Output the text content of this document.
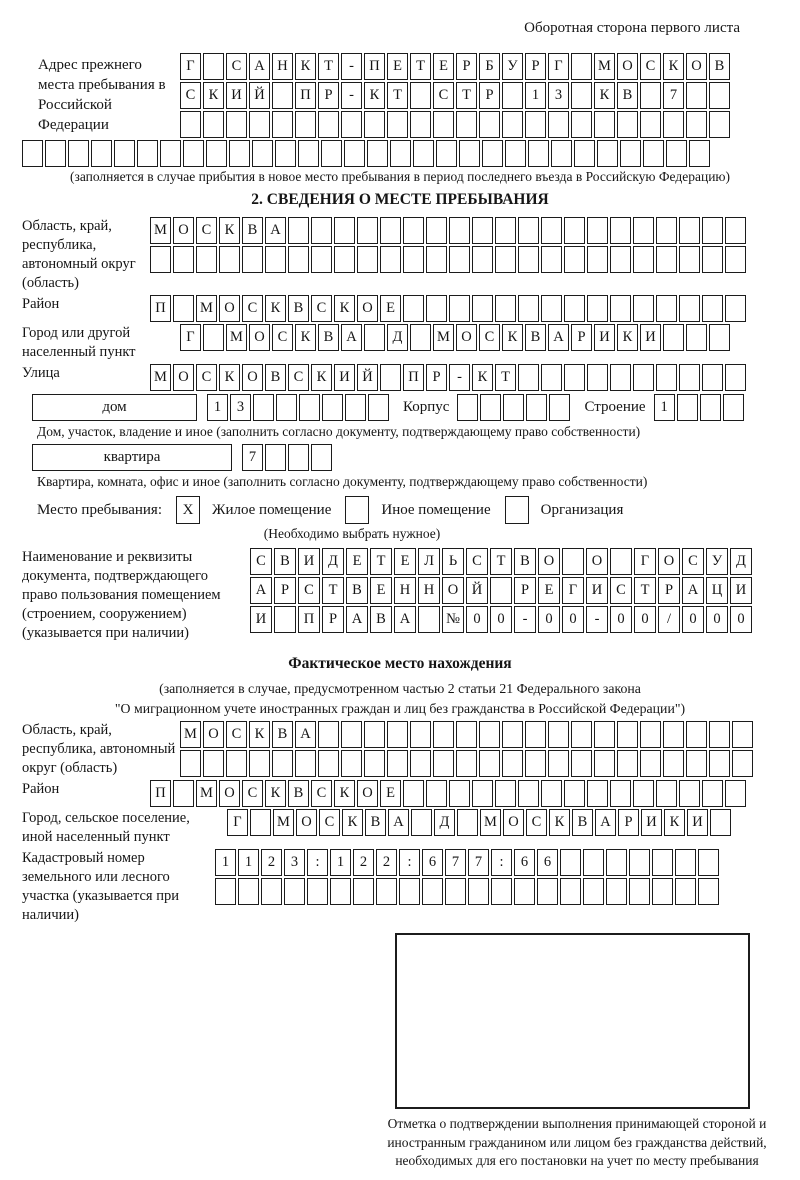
Оборотная сторона первого листа
Адрес прежнего места пребывания в Российской Федерации
Г	С А Н К Т	-	П Е Т Е	Р	Б У Р	Г	М О С К О В
С К И Й	П Р	-	К Т	С Т	Р	1	3	К В	7
(заполняется в случае прибытия в новое место пребывания в период последнего въезда в Российскую Федерацию)
2. СВЕДЕНИЯ О МЕСТЕ ПРЕБЫВАНИЯ
Область, край, республика, автономный округ (область)
М О С К В А
Район	П	М О С К В С К О Е
Город или другой населенный пункт
Г	М О С К В А	Д	М О С К В А Р И К И
Улица	М О С К О В С К И Й	П Р	-	К Т
дом	1	3	Корпус	Строение	1
Дом, участок, владение и иное (заполнить согласно документу, подтверждающему право собственности)
квартира	7
Квартира, комната, офис и иное (заполнить согласно документу, подтверждающему право собственности)
Место пребывания:	X	Жилое помещение	Иное помещение	Организация
(Необходимо выбрать нужное)
Наименование и реквизиты документа, подтверждающего право пользования помещением (строением, сооружением) (указывается при наличии)
С В И Д	Е	Т	Е	Л	Ь	С	Т	В О	О	Г	О С У Д
А	Р	С	Т	В	Е Н Н О Й	Р	Е	Г	И С	Т	Р	А Ц И
И	П	Р	А В А	№ 0	0	-	0	0	-	0	0	/	0	0	0
Фактическое место нахождения
(заполняется в случае, предусмотренном частью 2 статьи 21 Федерального закона
"О миграционном учете иностранных граждан и лиц без гражданства в Российской Федерации")
Область, край, республика, автономный округ (область)
М О С К В А
Район	П	М О С К В С К О Е
Город, сельское поселение, иной населенный пункт
Г	М О С К В А	Д	М О С К В А Р И К И
Кадастровый номер земельного или лесного участка (указывается при наличии)
1	1	2	3	:	1	2	2	:	6	7	7	:	6	6
Отметка о подтверждении выполнения принимающей стороной и иностранным гражданином или лицом без гражданства действий, необходимых для его постановки на учет по месту пребывания
